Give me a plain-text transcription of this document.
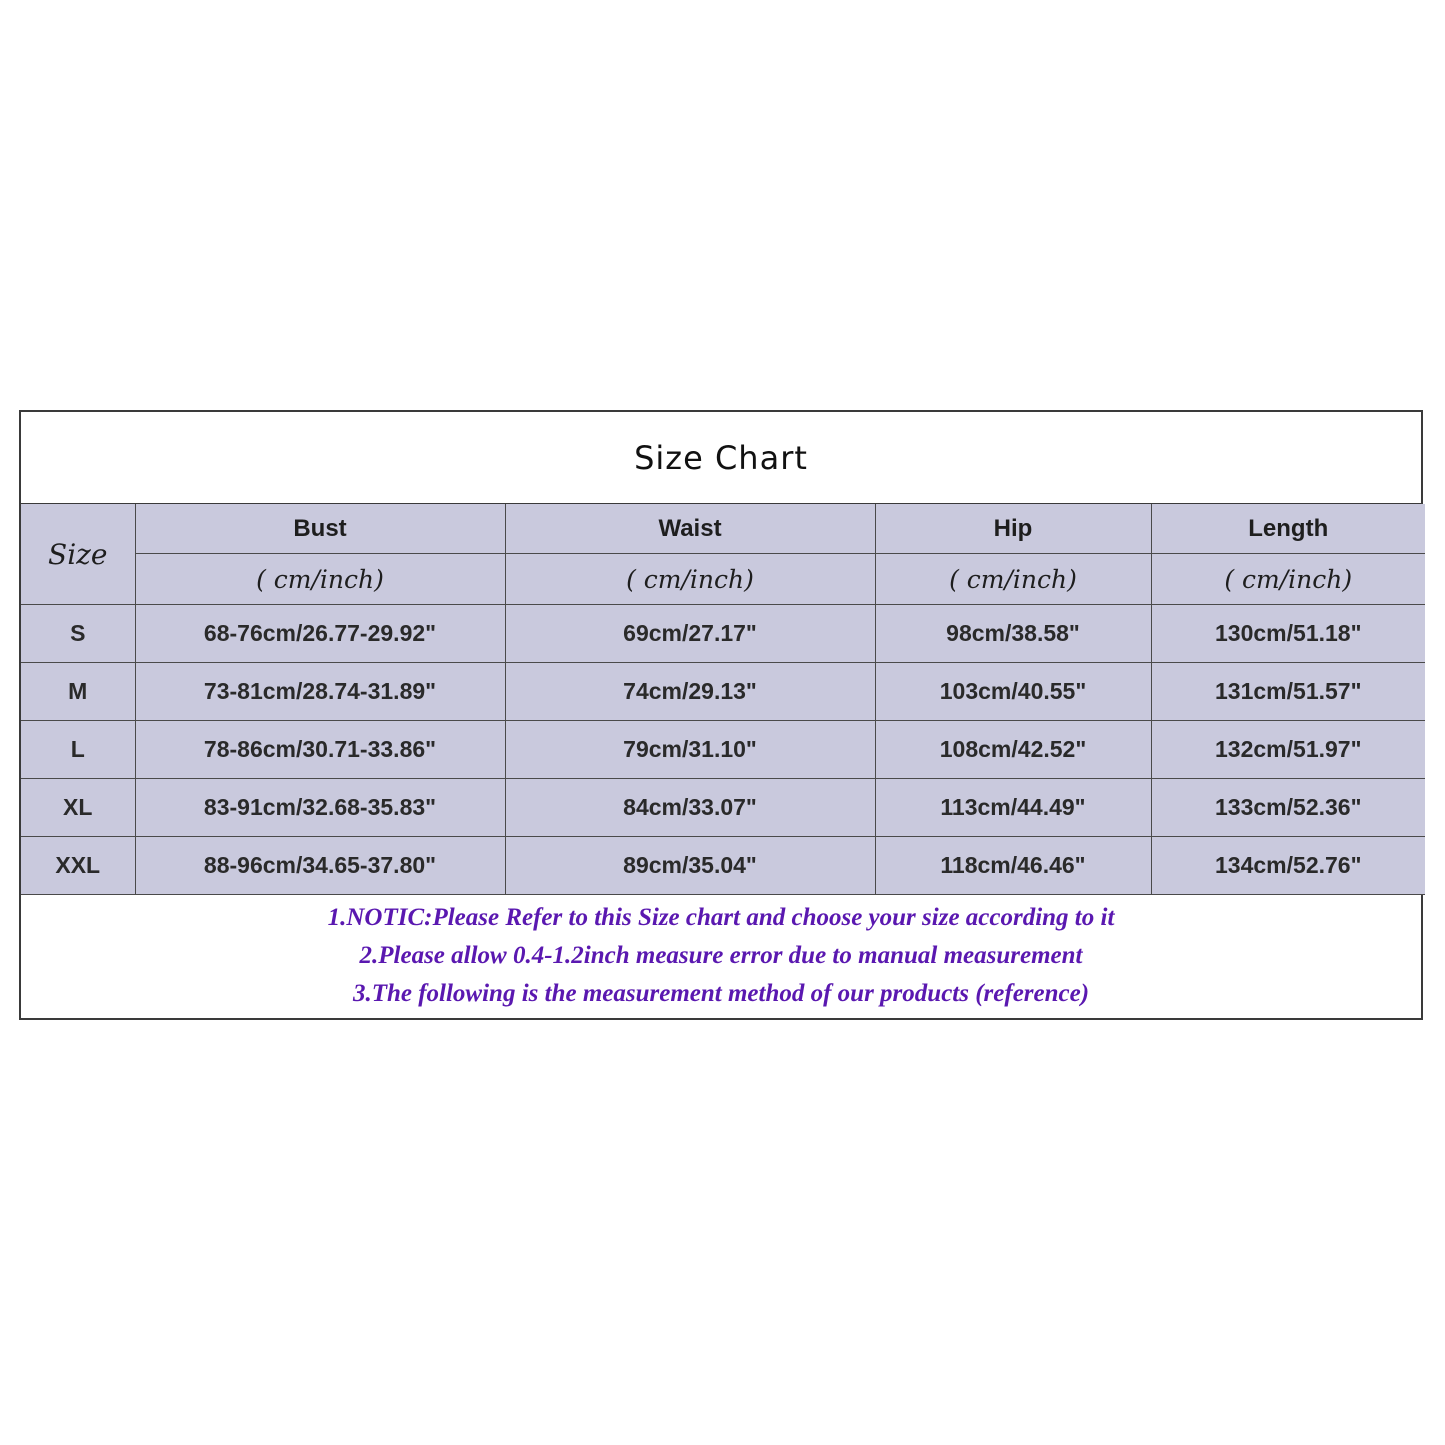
Size Chart
Size	Bust	Waist	Hip	Length
	( cm/inch)	( cm/inch)	( cm/inch)	( cm/inch)
S	68-76cm/26.77-29.92"	69cm/27.17"	98cm/38.58"	130cm/51.18"
M	73-81cm/28.74-31.89"	74cm/29.13"	103cm/40.55"	131cm/51.57"
L	78-86cm/30.71-33.86"	79cm/31.10"	108cm/42.52"	132cm/51.97"
XL	83-91cm/32.68-35.83"	84cm/33.07"	113cm/44.49"	133cm/52.36"
XXL	88-96cm/34.65-37.80"	89cm/35.04"	118cm/46.46"	134cm/52.76"
1.NOTIC:Please Refer to this Size chart and choose your size according to it
2.Please allow 0.4-1.2inch measure error due to manual measurement
3.The following is the measurement method of our products (reference)
